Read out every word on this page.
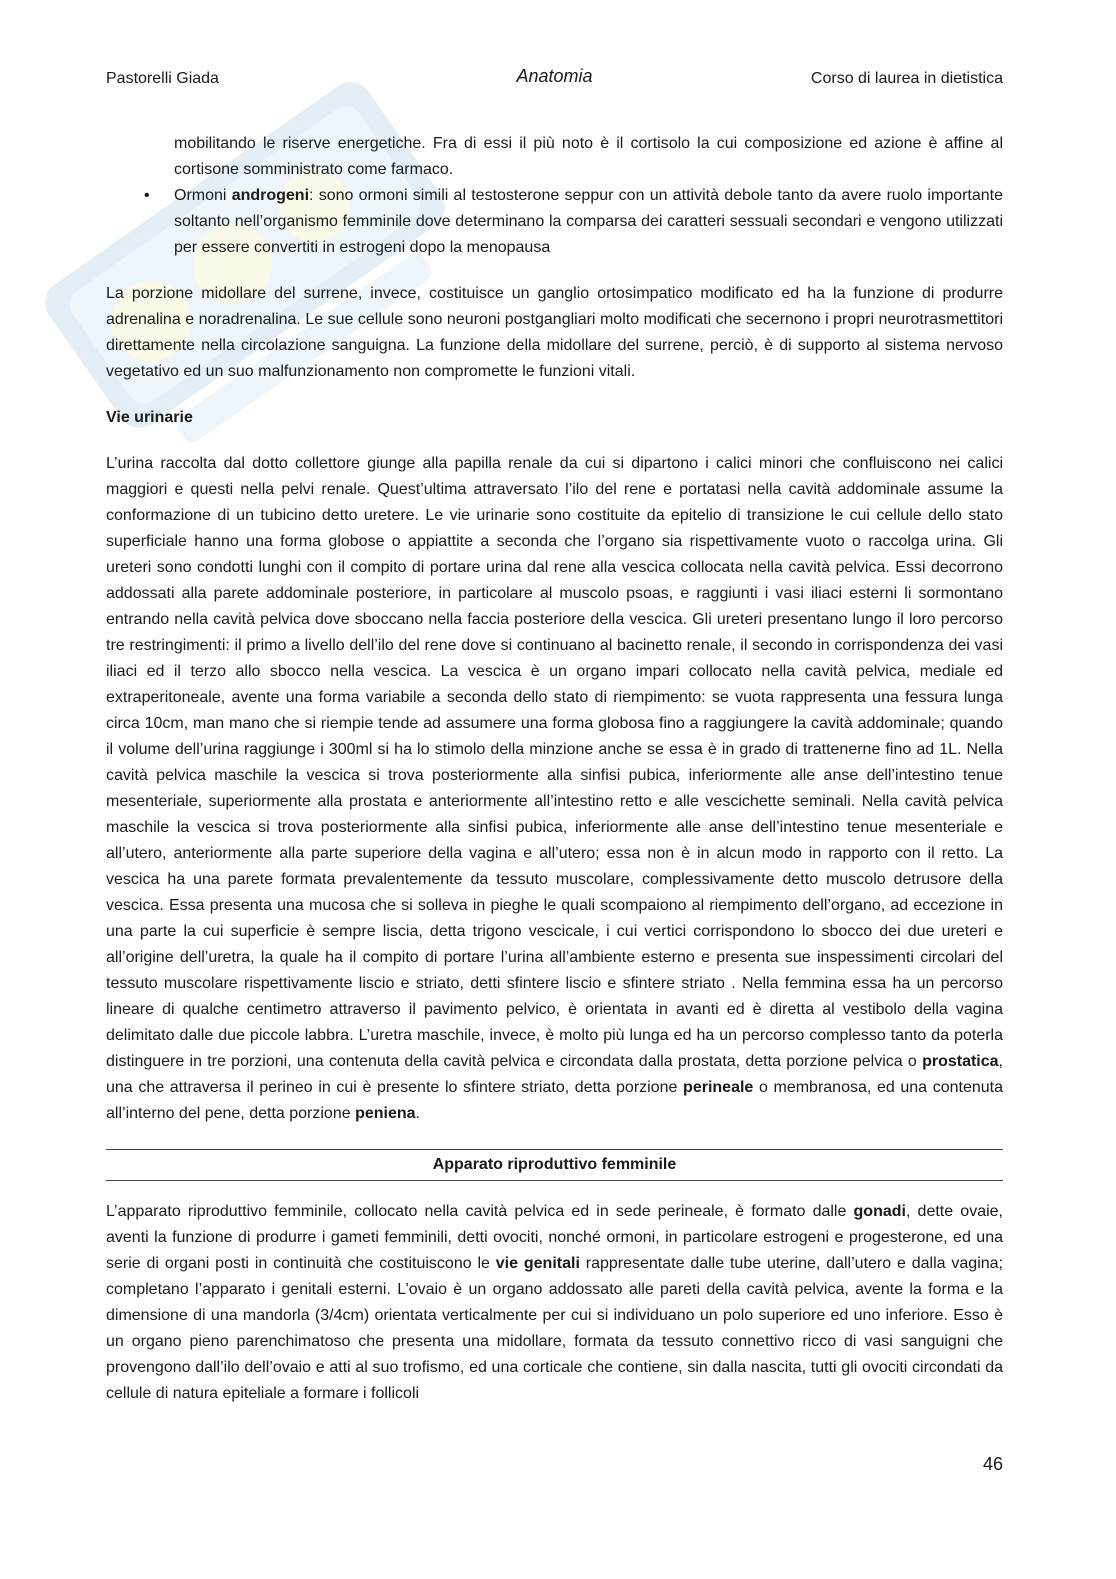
Pastorelli Giada	Anatomia	Corso di laurea in dietistica

mobilitando le riserve energetiche. Fra di essi il più noto è il cortisolo la cui composizione ed azione è affine al cortisone somministrato come farmaco.

• Ormoni androgeni: sono ormoni simili al testosterone seppur con un attività debole tanto da avere ruolo importante soltanto nell’organismo femminile dove determinano la comparsa dei caratteri sessuali secondari e vengono utilizzati per essere convertiti in estrogeni dopo la menopausa

La porzione midollare del surrene, invece, costituisce un ganglio ortosimpatico modificato ed ha la funzione di produrre adrenalina e noradrenalina. Le sue cellule sono neuroni postgangliari molto modificati che secernono i propri neurotrasmettitori direttamente nella circolazione sanguigna. La funzione della midollare del surrene, perciò, è di supporto al sistema nervoso vegetativo ed un suo malfunzionamento non compromette le funzioni vitali.

Vie urinarie

L’urina raccolta dal dotto collettore giunge alla papilla renale da cui si dipartono i calici minori che confluiscono nei calici maggiori e questi nella pelvi renale. Quest’ultima attraversato l’ilo del rene e portatasi nella cavità addominale assume la conformazione di un tubicino detto uretere. Le vie urinarie sono costituite da epitelio di transizione le cui cellule dello stato superficiale hanno una forma globose o appiattite a seconda che l’organo sia rispettivamente vuoto o raccolga urina. Gli ureteri sono condotti lunghi con il compito di portare urina dal rene alla vescica collocata nella cavità pelvica. Essi decorrono addossati alla parete addominale posteriore, in particolare al muscolo psoas, e raggiunti i vasi iliaci esterni li sormontano entrando nella cavità pelvica dove sboccano nella faccia posteriore della vescica. Gli ureteri presentano lungo il loro percorso tre restringimenti: il primo a livello dell’ilo del rene dove si continuano al bacinetto renale, il secondo in corrispondenza dei vasi iliaci ed il terzo allo sbocco nella vescica. La vescica è un organo impari collocato nella cavità pelvica, mediale ed extraperitoneale, avente una forma variabile a seconda dello stato di riempimento: se vuota rappresenta una fessura lunga circa 10cm, man mano che si riempie tende ad assumere una forma globosa fino a raggiungere la cavità addominale; quando il volume dell’urina raggiunge i 300ml si ha lo stimolo della minzione anche se essa è in grado di trattenerne fino ad 1L. Nella cavità pelvica maschile la vescica si trova posteriormente alla sinfisi pubica, inferiormente alle anse dell’intestino tenue mesenteriale, superiormente alla prostata e anteriormente all’intestino retto e alle vescichette seminali. Nella cavità pelvica maschile la vescica si trova posteriormente alla sinfisi pubica, inferiormente alle anse dell’intestino tenue mesenteriale e all’utero, anteriormente alla parte superiore della vagina e all’utero; essa non è in alcun modo in rapporto con il retto. La vescica ha una parete formata prevalentemente da tessuto muscolare, complessivamente detto muscolo detrusore della vescica. Essa presenta una mucosa che si solleva in pieghe le quali scompaiono al riempimento dell’organo, ad eccezione in una parte la cui superficie è sempre liscia, detta trigono vescicale, i cui vertici corrispondono lo sbocco dei due ureteri e all’origine dell’uretra, la quale ha il compito di portare l’urina all’ambiente esterno e presenta sue inspessimenti circolari del tessuto muscolare rispettivamente liscio e striato, detti sfintere liscio e sfintere striato . Nella femmina essa ha un percorso lineare di qualche centimetro attraverso il pavimento pelvico, è orientata in avanti ed è diretta al vestibolo della vagina delimitato dalle due piccole labbra. L’uretra maschile, invece, è molto più lunga ed ha un percorso complesso tanto da poterla distinguere in tre porzioni, una contenuta della cavità pelvica e circondata dalla prostata, detta porzione pelvica o prostatica, una che attraversa il perineo in cui è presente lo sfintere striato, detta porzione perineale o membranosa, ed una contenuta all’interno del pene, detta porzione peniena.

Apparato riproduttivo femminile

L’apparato riproduttivo femminile, collocato nella cavità pelvica ed in sede perineale, è formato dalle gonadi, dette ovaie, aventi la funzione di produrre i gameti femminili, detti ovociti, nonché ormoni, in particolare estrogeni e progesterone, ed una serie di organi posti in continuità che costituiscono le vie genitali rappresentate dalle tube uterine, dall’utero e dalla vagina; completano l’apparato i genitali esterni. L’ovaio è un organo addossato alle pareti della cavità pelvica, avente la forma e la dimensione di una mandorla (3/4cm) orientata verticalmente per cui si individuano un polo superiore ed uno inferiore. Esso è un organo pieno parenchimatoso che presenta una midollare, formata da tessuto connettivo ricco di vasi sanguigni che provengono dall’ilo dell’ovaio e atti al suo trofismo, ed una corticale che contiene, sin dalla nascita, tutti gli ovociti circondati da cellule di natura epiteliale a formare i follicoli

46
